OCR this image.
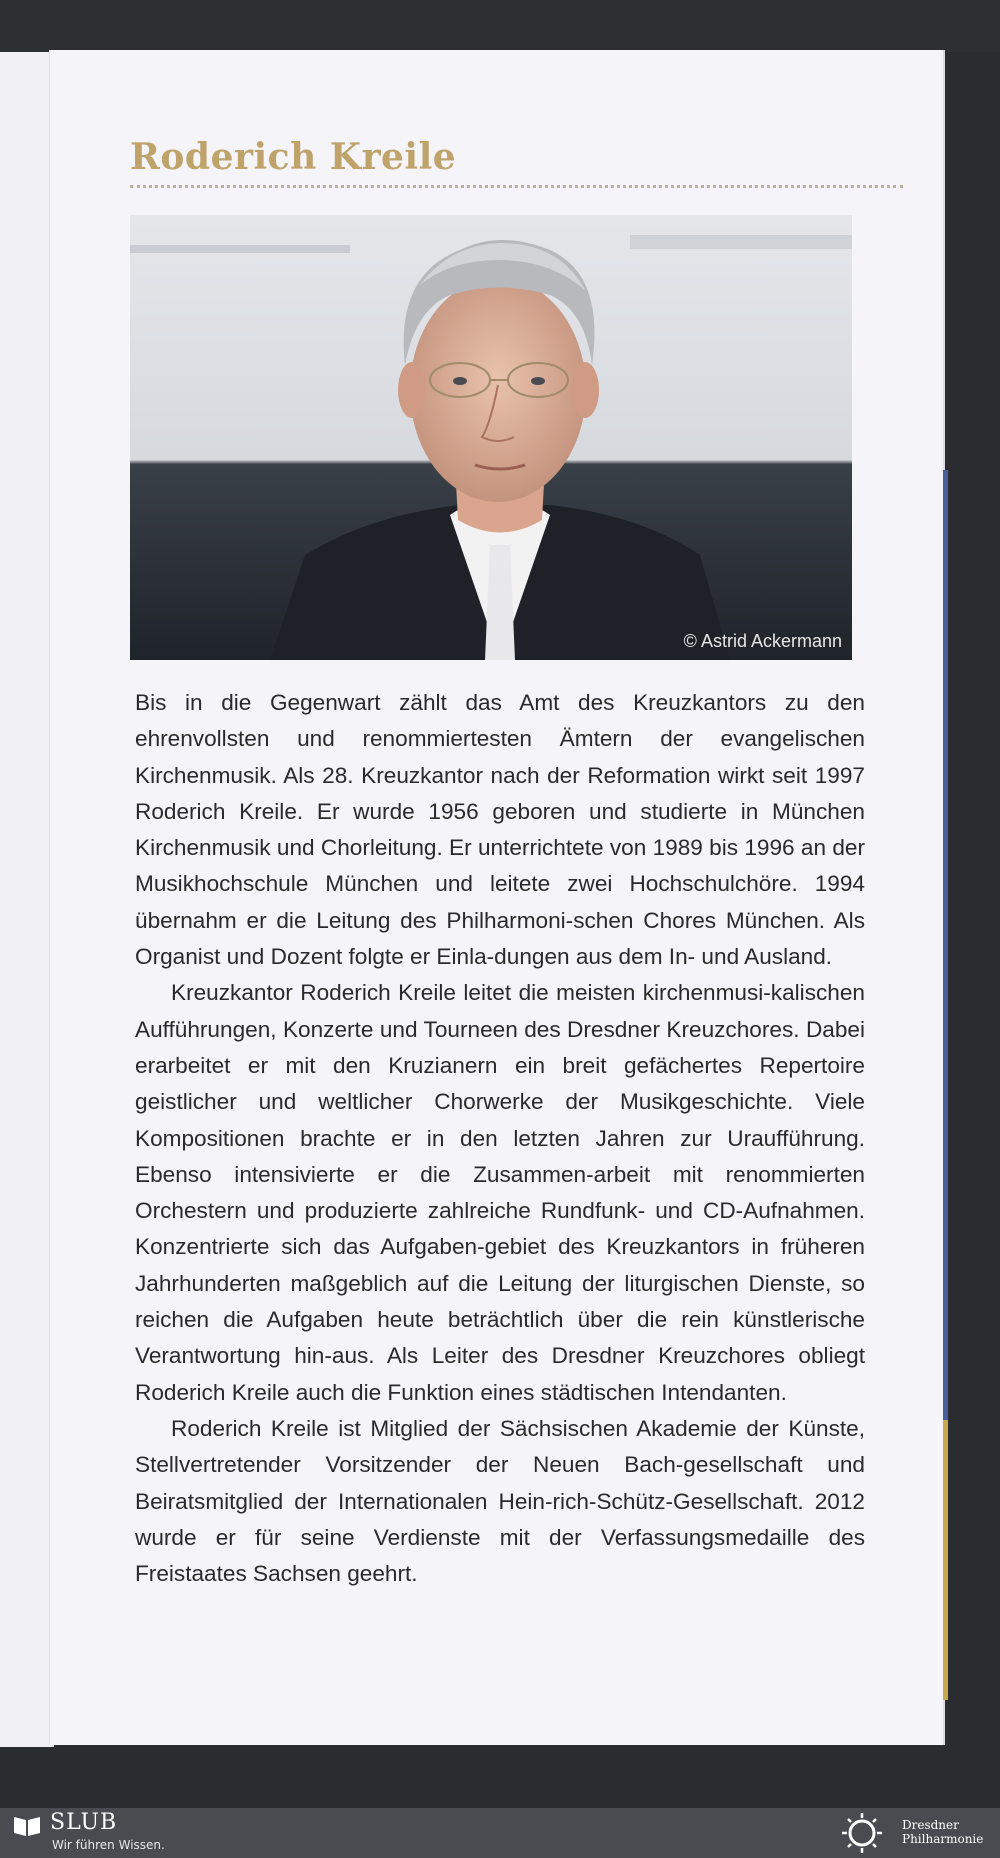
Roderich Kreile
© Astrid Ackermann

Bis in die Gegenwart zählt das Amt des Kreuzkantors zu den ehrenvollsten und renommiertesten Ämtern der evangelischen Kirchenmusik. Als 28. Kreuzkantor nach der Reformation wirkt seit 1997 Roderich Kreile. Er wurde 1956 geboren und studierte in München Kirchenmusik und Chorleitung. Er unterrichtete von 1989 bis 1996 an der Musikhochschule München und leitete zwei Hochschulchöre. 1994 übernahm er die Leitung des Philharmoni-schen Chores München. Als Organist und Dozent folgte er Einla-dungen aus dem In- und Ausland.

Kreuzkantor Roderich Kreile leitet die meisten kirchenmusi-kalischen Aufführungen, Konzerte und Tourneen des Dresdner Kreuzchores. Dabei erarbeitet er mit den Kruzianern ein breit gefächertes Repertoire geistlicher und weltlicher Chorwerke der Musikgeschichte. Viele Kompositionen brachte er in den letzten Jahren zur Uraufführung. Ebenso intensivierte er die Zusammen-arbeit mit renommierten Orchestern und produzierte zahlreiche Rundfunk- und CD-Aufnahmen. Konzentrierte sich das Aufgaben-gebiet des Kreuzkantors in früheren Jahrhunderten maßgeblich auf die Leitung der liturgischen Dienste, so reichen die Aufgaben heute beträchtlich über die rein künstlerische Verantwortung hin-aus. Als Leiter des Dresdner Kreuzchores obliegt Roderich Kreile auch die Funktion eines städtischen Intendanten.

Roderich Kreile ist Mitglied der Sächsischen Akademie der Künste, Stellvertretender Vorsitzender der Neuen Bach-gesellschaft und Beiratsmitglied der Internationalen Hein-rich-Schütz-Gesellschaft. 2012 wurde er für seine Verdienste mit der Verfassungsmedaille des Freistaates Sachsen geehrt.

SLUB
Wir führen Wissen.
Dresdner
Philharmonie
